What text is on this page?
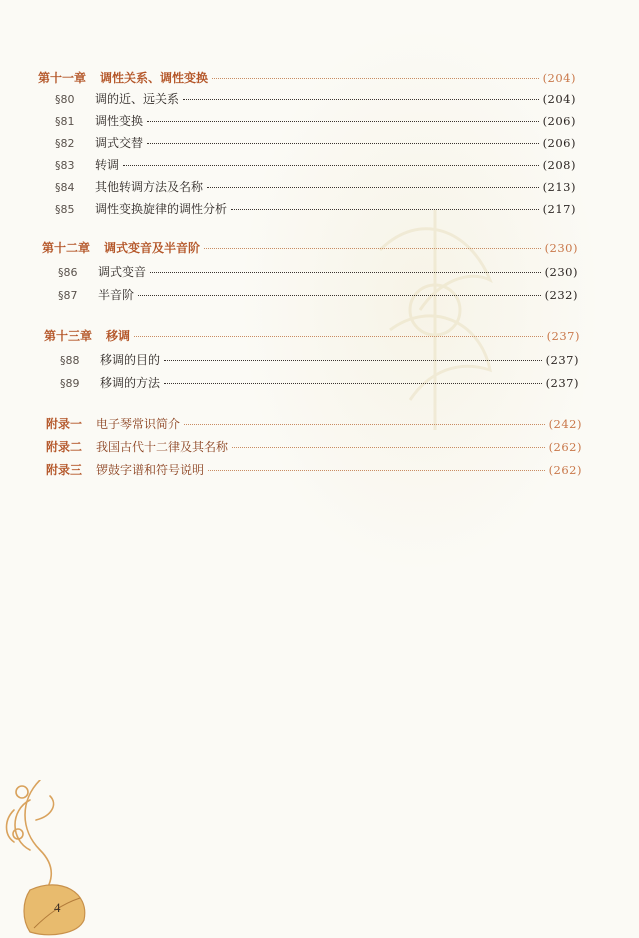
第十一章 调性关系、调性变换	(204)
§80	调的近、远关系	(204)
§81	调性变换	(206)
§82	调式交替	(206)
§83	转调	(208)
§84	其他转调方法及名称	(213)
§85	调性变换旋律的调性分析	(217)
第十二章 调式变音及半音阶	(230)
§86	调式变音	(230)
§87	半音阶	(232)
第十三章 移调	(237)
§88	移调的目的	(237)
§89	移调的方法	(237)
附录一 电子琴常识简介	(242)
附录二 我国古代十二律及其名称	(262)
附录三 锣鼓字谱和符号说明	(262)
4
